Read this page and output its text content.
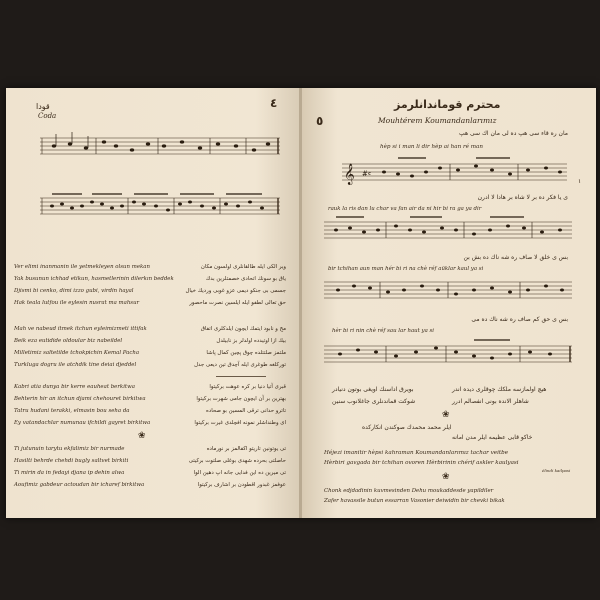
٤
قودا
Coda
Ver elimi inanmanin ile yetmekleyen olsun mekan	وير الكى ايله طالقانلرى اولسون مكان
Yak busunun ichhad etikun, hasmetlerinin dilerkın beddek	ياق بو سونك اتحادى خصمتلرين بدك
Djismi bi cenko, dimi izzo gubi, virdin hayal	جسمى بى جنكو ديمى عزو غوبى ورديك خيال
Hak teala lutfou ile eylesin nusrat ma mahsur	حق تعالى لطفو ايله ايلسين نصرت ماحصور
Mah ve nabeud itmek itchun eyleimizmeti ittifak	مخ و نابود ايتمك ايچون ايلدكلرى اتفاق
Beik eza eutidide oldoular biz nabeildel	بيك ازا اوتيدده اولدلر بز نابيلدل
Milletimiz saltetilde tchokpichin Kemal Pacha	ملتمز صلتتلده چوق پچين كمال پاشا
Turkluga dogru ile atchdik tine deiai djeddel	توركلغه طوغرى ايله آچدق تين ديعى جدل
Kabri atia dunya bir kerre eauheat berkitwa	قبرى آتيا دنيا بر كره عوهت بركيتوا
Behterin hir an itchun djami chehouret birkitwa	بهترين بر آن ايچون جامى شهرت بركيتوا
Tatru hudani terakki, elmasin bou seha da	تاترو حدانى ترقى المسين بو صحاده
Ey vatandachlar numunau ifchildi gayret birkitwa	اى وطنداشلر نمونه افچلدى غيرت بركيتوا
❀
Ti jutunuin tarytu ekfalimiz bir nurmade	تى يوتونين تاريتو اكفالمز بر نورماده
Hasilti behrde chehdi bugly saltvet birkiti	حاصلتى بحرده شهدى بوغلى صلتوت بركيتى
Ti mirin da in fedayi djana ip dehin alwa	تى ميرين ده اين فدايى جانه اپ دهين الوا
Aoufimiz gabdeur actoudan bir icharef birkitwa	عوفمز غبدور اقطودن بر اشارف بركيتوا
٥
محترم قوماندانلرمز
Mouhtérem Koumandanlarımız
مان ره قاء سى هپ ده لى مان اك سى هپ
hèp si i man li dir hèp ai han ré man
𝄞 #𝄴
١
ى يا فكر ده بر لا شاه بر هادا لا ادرن
rauk la ris dan lu char va fan air da ni hir bi ra ga ya dir
بس ى خلق لا صاف ره شه ناك ده بش بن
bir tchihan aun man hér bi ri na chè réf aüklar kaul ya si
بس ى حق كم صاف ره شه ناك ده مى
hèr bi ri nin chè réf sau lar haut ya si
بويرق اداسنك اويغى بوتون دنيادر	هيچ اولمازسه ملكك چوقلرى ديده اندر
شوكت قماندنلرى جاغلانوب سنين	شاهلر الانده بونى انفصالم ادرر
❀
ايلر محمد محمدك صوكندن انكاركده
خاكو قابى عظيمه ايلر مدن امانه
Héjezi imanitir hèpsi kahraman Koumandanlarımız tachar veitbe
Hèrbiri gavgada bir tchihan ovoren Hèrbirinin chérif askler kaulyasi
élindi kailpasi
❀
Chonk edjdadinin kuvmesinden Dehu moukaddesde yapildiler
Zafer havassile butun essarran Vasonier deiwidin bir chevki bikak
